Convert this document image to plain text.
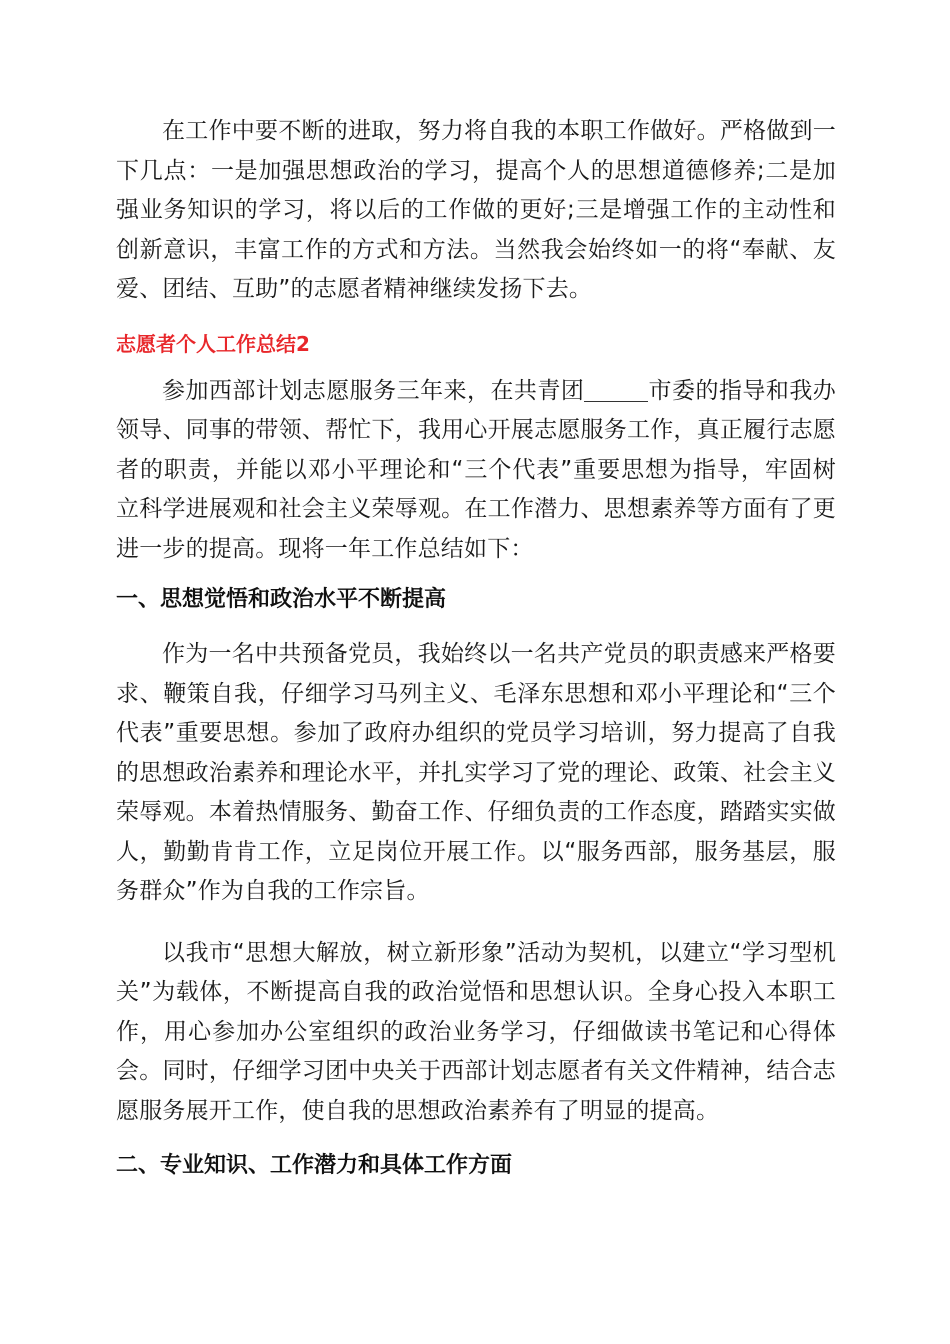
在工作中要不断的进取，努力将自我的本职工作做好。严格做到一下几点：一是加强思想政治的学习，提高个人的思想道德修养;二是加强业务知识的学习，将以后的工作做的更好;三是增强工作的主动性和创新意识，丰富工作的方式和方法。当然我会始终如一的将“奉献、友爱、团结、互助”的志愿者精神继续发扬下去。

志愿者个人工作总结2

参加西部计划志愿服务三年来，在共青团	市委的指导和我办领导、同事的带领、帮忙下，我用心开展志愿服务工作，真正履行志愿者的职责，并能以邓小平理论和“三个代表”重要思想为指导，牢固树立科学进展观和社会主义荣辱观。在工作潜力、思想素养等方面有了更进一步的提高。现将一年工作总结如下：

一、思想觉悟和政治水平不断提高

作为一名中共预备党员，我始终以一名共产党员的职责感来严格要求、鞭策自我，仔细学习马列主义、毛泽东思想和邓小平理论和“三个代表”重要思想。参加了政府办组织的党员学习培训，努力提高了自我的思想政治素养和理论水平，并扎实学习了党的理论、政策、社会主义荣辱观。本着热情服务、勤奋工作、仔细负责的工作态度，踏踏实实做人，勤勤肯肯工作，立足岗位开展工作。以“服务西部，服务基层，服务群众”作为自我的工作宗旨。

以我市“思想大解放，树立新形象”活动为契机，以建立“学习型机关”为载体，不断提高自我的政治觉悟和思想认识。全身心投入本职工作，用心参加办公室组织的政治业务学习，仔细做读书笔记和心得体会。同时，仔细学习团中央关于西部计划志愿者有关文件精神，结合志愿服务展开工作，使自我的思想政治素养有了明显的提高。

二、专业知识、工作潜力和具体工作方面
